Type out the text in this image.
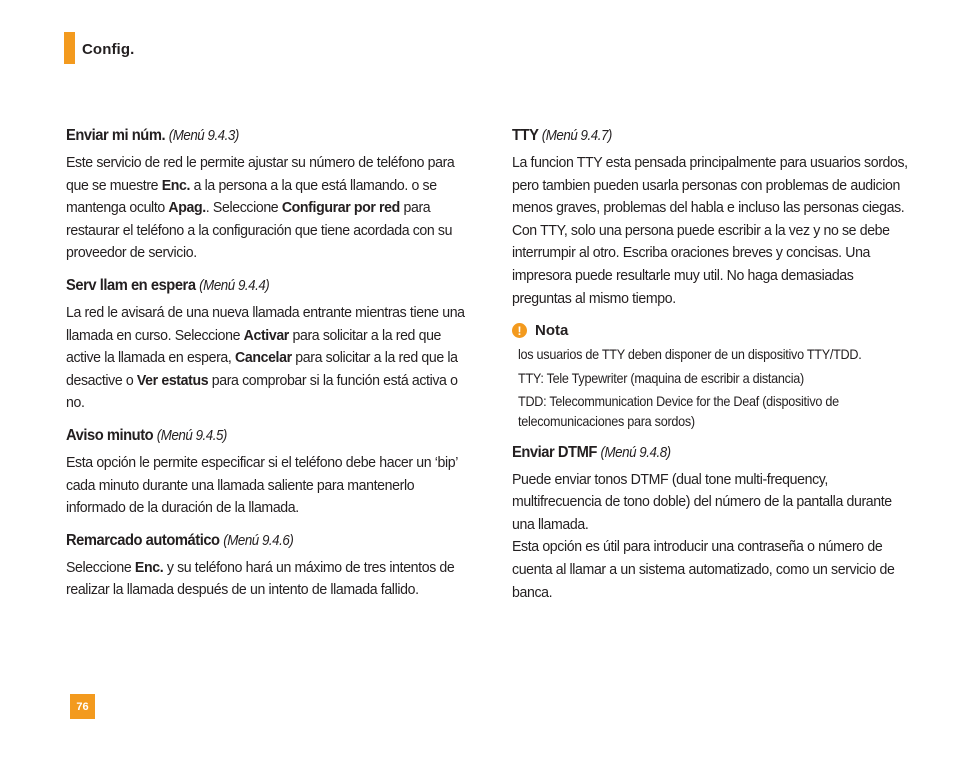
Config.
Enviar mi núm. (Menú 9.4.3)

Este servicio de red le permite ajustar su número de teléfono para que se muestre Enc. a la persona a la que está llamando. o se mantenga oculto Apag.. Seleccione Configurar por red para restaurar el teléfono a la configuración que tiene acordada con su proveedor de servicio.

Serv llam en espera (Menú 9.4.4)

La red le avisará de una nueva llamada entrante mientras tiene una llamada en curso. Seleccione Activar para solicitar a la red que active la llamada en espera, Cancelar para solicitar a la red que la desactive o Ver estatus para comprobar si la función está activa o no.

Aviso minuto (Menú 9.4.5)

Esta opción le permite especificar si el teléfono debe hacer un ‘bip’ cada minuto durante una llamada saliente para mantenerlo informado de la duración de la llamada.

Remarcado automático (Menú 9.4.6)

Seleccione Enc. y su teléfono hará un máximo de tres intentos de realizar la llamada después de un intento de llamada fallido.

TTY (Menú 9.4.7)

La funcion TTY esta pensada principalmente para usuarios sordos, pero tambien pueden usarla personas con problemas de audicion menos graves, problemas del habla e incluso las personas ciegas. Con TTY, solo una persona puede escribir a la vez y no se debe interrumpir al otro. Escriba oraciones breves y concisas. Una impresora puede resultarle muy util. No haga demasiadas preguntas al mismo tiempo.

! Nota

los usuarios de TTY deben disponer de un dispositivo TTY/TDD.

TTY: Tele Typewriter (maquina de escribir a distancia)

TDD: Telecommunication Device for the Deaf (dispositivo de telecomunicaciones para sordos)

Enviar DTMF (Menú 9.4.8)

Puede enviar tonos DTMF (dual tone multi-frequency, multifrecuencia de tono doble) del número de la pantalla durante una llamada.
Esta opción es útil para introducir una contraseña o número de cuenta al llamar a un sistema automatizado, como un servicio de banca.

76
